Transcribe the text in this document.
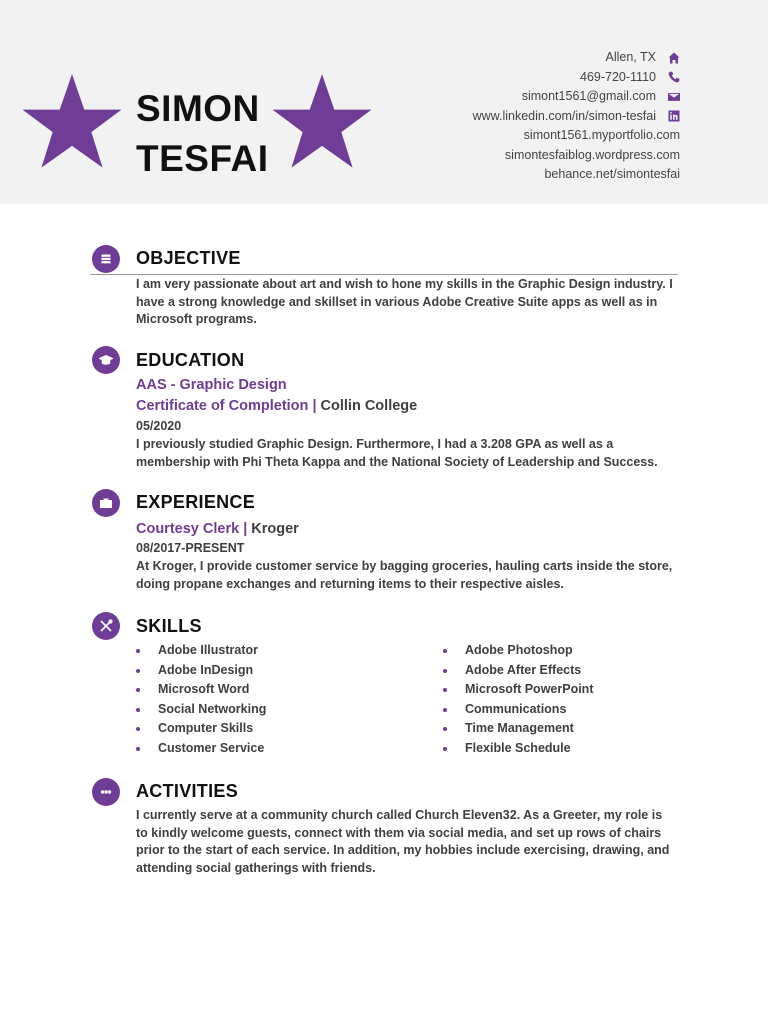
SIMON
TESFAI
Allen, TX
469-720-1110
simont1561@gmail.com
www.linkedin.com/in/simon-tesfai
simont1561.myportfolio.com
simontesfaiblog.wordpress.com
behance.net/simontesfai
OBJECTIVE
I am very passionate about art and wish to hone my skills in the Graphic Design industry. I have a strong knowledge and skillset in various Adobe Creative Suite apps as well as in Microsoft programs.
EDUCATION
AAS - Graphic Design
Certificate of Completion | Collin College
05/2020
I previously studied Graphic Design. Furthermore, I had a 3.208 GPA as well as a membership with Phi Theta Kappa and the National Society of Leadership and Success.
EXPERIENCE
Courtesy Clerk | Kroger
08/2017-PRESENT
At Kroger, I provide customer service by bagging groceries, hauling carts inside the store, doing propane exchanges and returning items to their respective aisles.
SKILLS
Adobe Illustrator
Adobe InDesign
Microsoft Word
Social Networking
Computer Skills
Customer Service
Adobe Photoshop
Adobe After Effects
Microsoft PowerPoint
Communications
Time Management
Flexible Schedule
ACTIVITIES
I currently serve at a community church called Church Eleven32. As a Greeter, my role is to kindly welcome guests, connect with them via social media, and set up rows of chairs prior to the start of each service. In addition, my hobbies include exercising, drawing, and attending social gatherings with friends.
